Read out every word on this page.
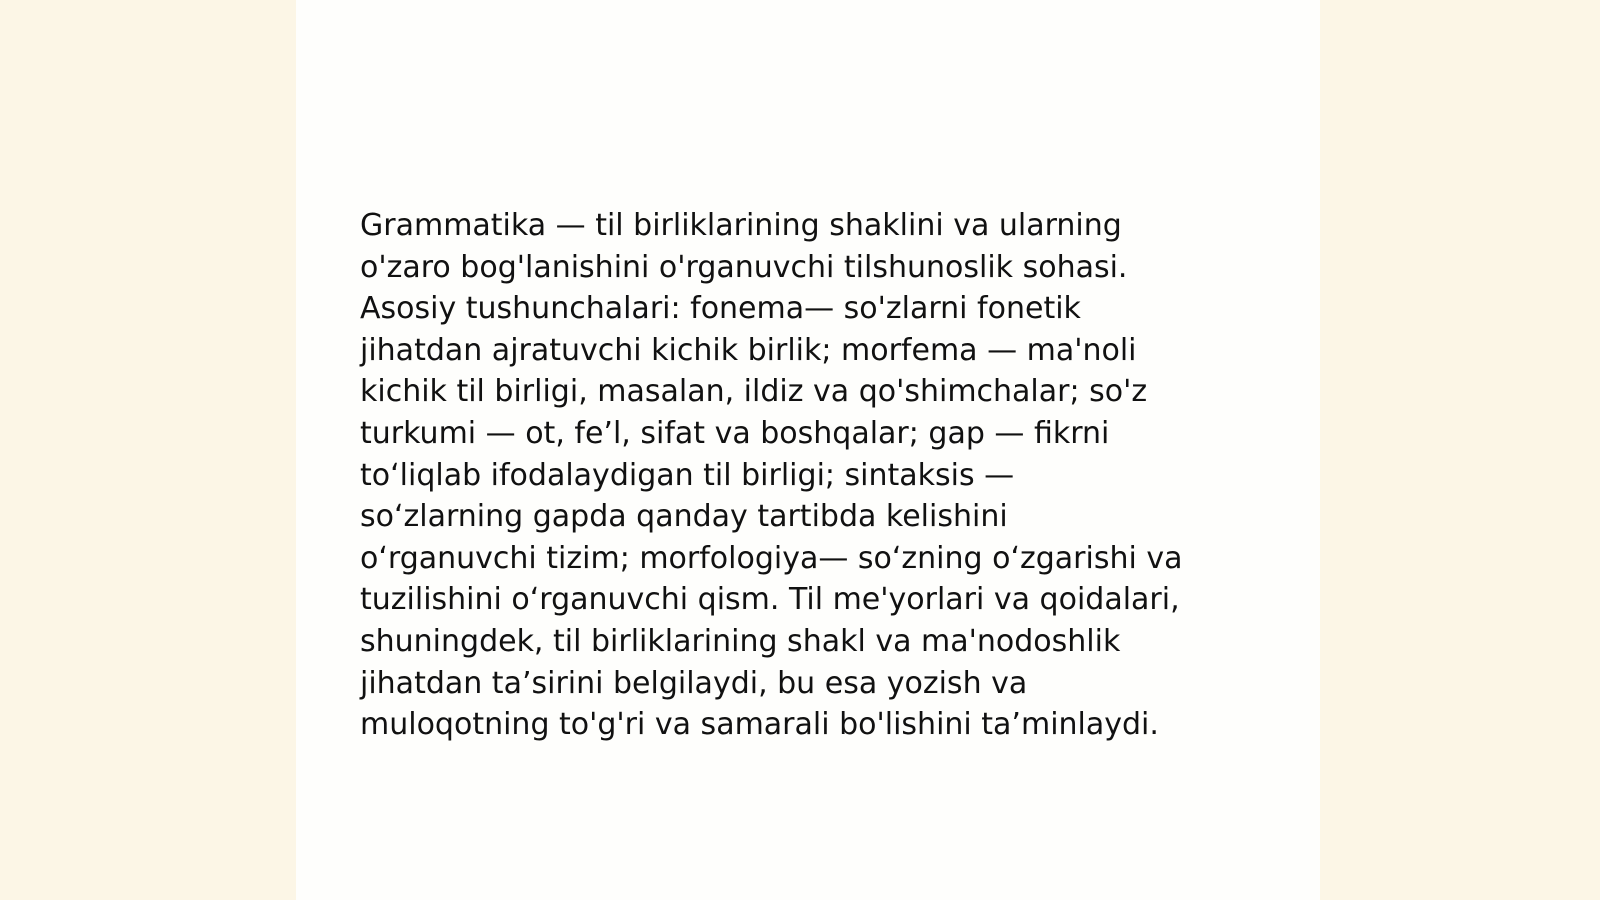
Grammatika — til birliklarining shaklini va ularning
o'zaro bog'lanishini o'rganuvchi tilshunoslik sohasi.
Asosiy tushunchalari: fonema— so'zlarni fonetik
jihatdan ajratuvchi kichik birlik; morfema — ma'noli
kichik til birligi, masalan, ildiz va qo'shimchalar; so'z
turkumi — ot, fe’l, sifat va boshqalar; gap — fikrni
to‘liqlab ifodalaydigan til birligi; sintaksis —
so‘zlarning gapda qanday tartibda kelishini
o‘rganuvchi tizim; morfologiya— so‘zning o‘zgarishi va
tuzilishini o‘rganuvchi qism. Til me'yorlari va qoidalari,
shuningdek, til birliklarining shakl va ma'nodoshlik
jihatdan ta’sirini belgilaydi, bu esa yozish va
muloqotning to'g'ri va samarali bo'lishini ta’minlaydi.
